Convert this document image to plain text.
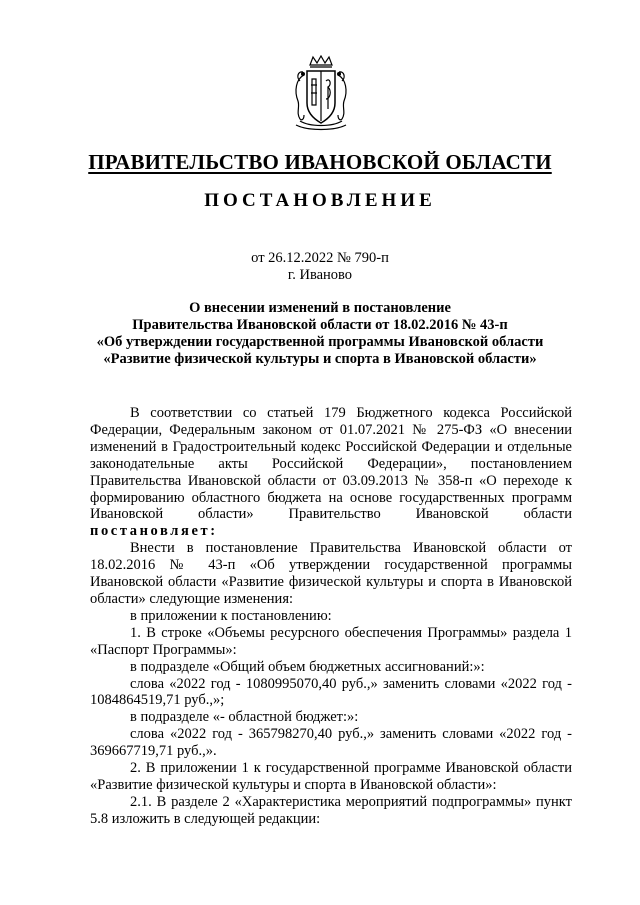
ПРАВИТЕЛЬСТВО ИВАНОВСКОЙ ОБЛАСТИ
ПОСТАНОВЛЕНИЕ
от 26.12.2022 № 790-п
г. Иваново
О внесении изменений в постановление
Правительства Ивановской области от 18.02.2016 № 43-п
«Об утверждении государственной программы Ивановской области
«Развитие физической культуры и спорта в Ивановской области»

В соответствии со статьей 179 Бюджетного кодекса Российской Федерации, Федеральным законом от 01.07.2021 № 275-ФЗ «О внесении изменений в Градостроительный кодекс Российской Федерации и отдельные законодательные акты Российской Федерации», постановлением Правительства Ивановской области от 03.09.2013 № 358-п «О переходе к формированию областного бюджета на основе государственных программ Ивановской области» Правительство Ивановской области постановляет:

Внести в постановление Правительства Ивановской области от 18.02.2016 № 43-п «Об утверждении государственной программы Ивановской области «Развитие физической культуры и спорта в Ивановской области» следующие изменения:

в приложении к постановлению:

1. В строке «Объемы ресурсного обеспечения Программы» раздела 1 «Паспорт Программы»:

в подразделе «Общий объем бюджетных ассигнований:»:

слова «2022 год - 1080995070,40 руб.,» заменить словами «2022 год - 1084864519,71 руб.,»;

в подразделе «- областной бюджет:»:

слова «2022 год - 365798270,40 руб.,» заменить словами «2022 год - 369667719,71 руб.,».

2. В приложении 1 к государственной программе Ивановской области «Развитие физической культуры и спорта в Ивановской области»:

2.1. В разделе 2 «Характеристика мероприятий подпрограммы» пункт 5.8 изложить в следующей редакции:
